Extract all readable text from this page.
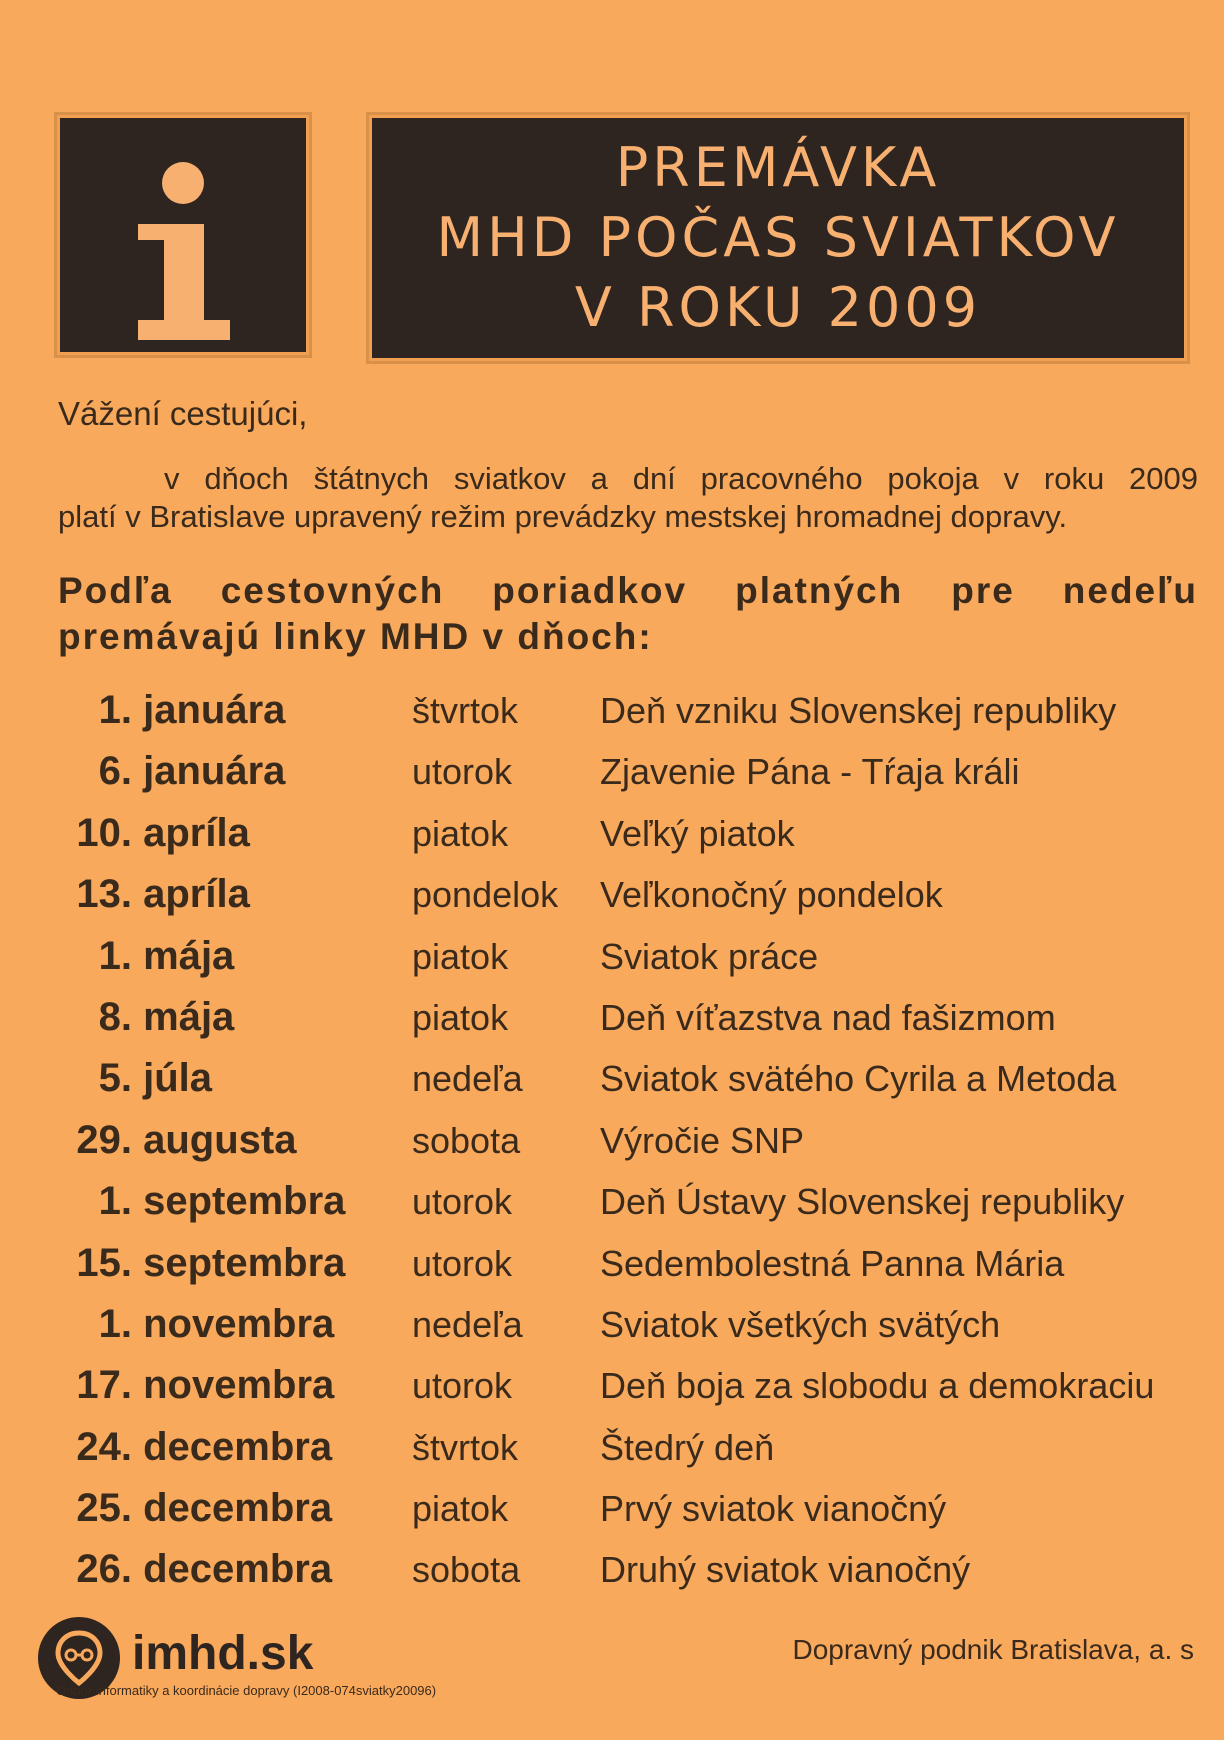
PREMÁVKA
MHD POČAS SVIATKOV
V ROKU 2009
Vážení cestujúci,
v dňoch štátnych sviatkov a dní pracovného pokoja v roku 2009
platí v Bratislave upravený režim prevádzky mestskej hromadnej dopravy.
Podľa cestovných poriadkov platných pre nedeľu
premávajú linky MHD v dňoch:
1. januára	štvrtok Deň vzniku Slovenskej republiky
6. januára	utorok Zjavenie Pána - Tŕaja králi
10. apríla	piatok	Veľký piatok
13. apríla	pondelok Veľkonočný pondelok
1. mája	piatok	Sviatok práce
8. mája	piatok	Deň víťazstva nad fašizmom
5. júla	nedeľa Sviatok svätého Cyrila a Metoda
29. augusta	sobota Výročie SNP
1. septembra	utorok Deň Ústavy Slovenskej republiky
15. septembra	utorok Sedembolestná Panna Mária
1. novembra	nedeľa Sviatok všetkých svätých
17. novembra	utorok Deň boja za slobodu a demokraciu
24. decembra	štvrtok Štedrý deň
25. decembra	piatok	Prvý sviatok vianočný
26. decembra	sobota Druhý sviatok vianočný
imhd.sk
Odbor informatiky a koordinácie dopravy (I2008-074sviatky20096)
Dopravný podnik Bratislava, a. s
